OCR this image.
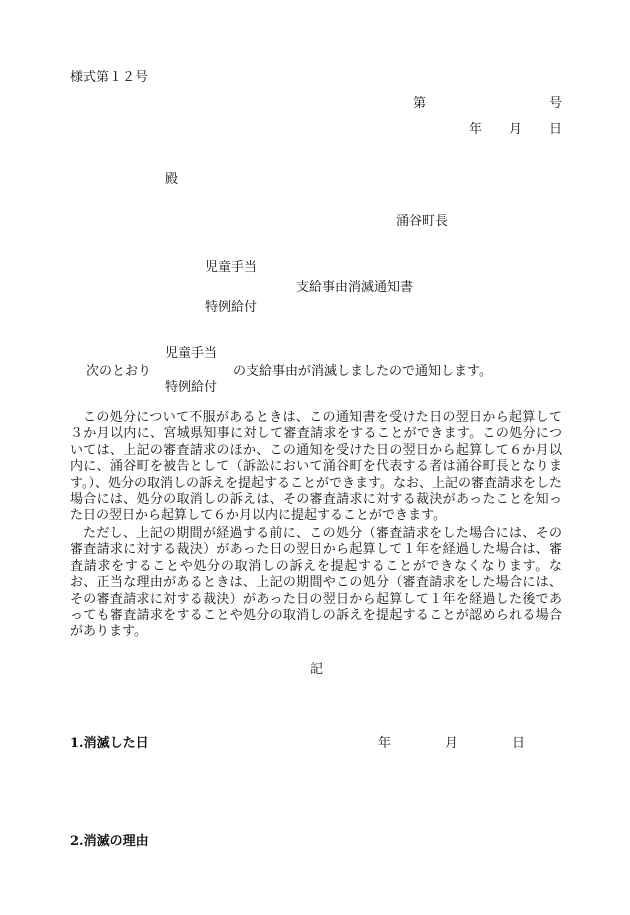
様式第１２号
第	号
年 月 日
殿
涌谷町長
児童手当
支給事由消滅通知書
特例給付
児童手当
次のとおり	の支給事由が消滅しましたので通知します。
特例給付
この処分について不服があるときは、この通知書を受けた日の翌日から起算して３か月以内に、宮城県知事に対して審査請求をすることができます。この処分については、上記の審査請求のほか、この通知を受けた日の翌日から起算して６か月以内に、涌谷町を被告として（訴訟において涌谷町を代表する者は涌谷町長となります。）、処分の取消しの訴えを提起することができます。なお、上記の審査請求をした場合には、処分の取消しの訴えは、その審査請求に対する裁決があったことを知った日の翌日から起算して６か月以内に提起することができます。
ただし、上記の期間が経過する前に、この処分（審査請求をした場合には、その審査請求に対する裁決）があった日の翌日から起算して１年を経過した場合は、審査請求をすることや処分の取消しの訴えを提起することができなくなります。なお、正当な理由があるときは、上記の期間やこの処分（審査請求をした場合には、その審査請求に対する裁決）があった日の翌日から起算して１年を経過した後であっても審査請求をすることや処分の取消しの訴えを提起することが認められる場合があります。
記
1.消滅した日	年	月	日
2.消滅の理由
